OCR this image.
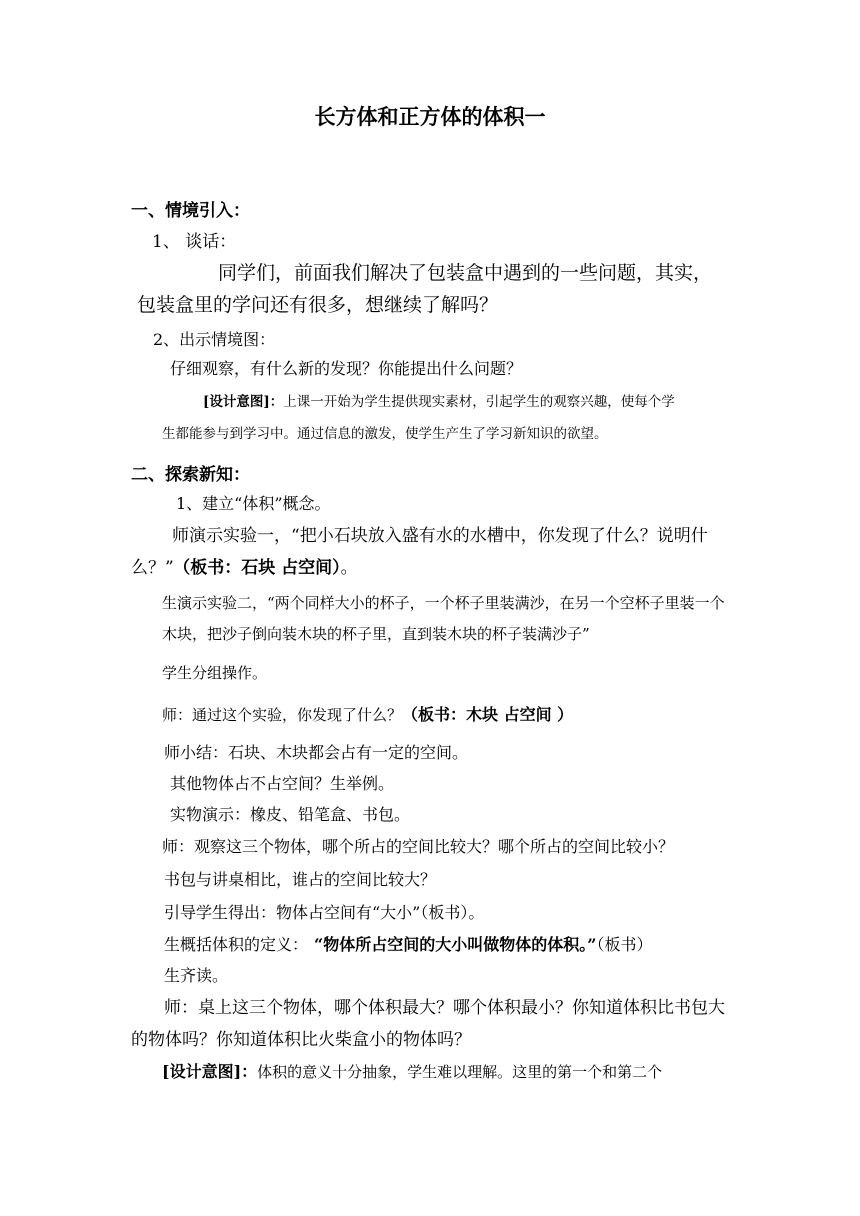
长方体和正方体的体积一
一、情境引入：
1、 谈话：
同学们，前面我们解决了包装盒中遇到的一些问题，其实，
包装盒里的学问还有很多，想继续了解吗？
2、出示情境图：
仔细观察，有什么新的发现？你能提出什么问题？
[设计意图]：上课一开始为学生提供现实素材，引起学生的观察兴趣，使每个学
生都能参与到学习中。通过信息的激发，使学生产生了学习新知识的欲望。
二、探索新知：
1、建立“体积”概念。
师演示实验一，“把小石块放入盛有水的水槽中，你发现了什么？说明什
么？” （板书：石块 占空间）。
生演示实验二，“两个同样大小的杯子，一个杯子里装满沙，在另一个空杯子里装一个
木块，把沙子倒向装木块的杯子里，直到装木块的杯子装满沙子”
学生分组操作。
师：通过这个实验，你发现了什么？（板书：木块 占空间 ）
师小结：石块、木块都会占有一定的空间。
其他物体占不占空间？生举例。
实物演示：橡皮、铅笔盒、书包。
师：观察这三个物体，哪个所占的空间比较大？哪个所占的空间比较小？
书包与讲桌相比，谁占的空间比较大？
引导学生得出：物体占空间有“大小”（板书）。
生概括体积的定义： “物体所占空间的大小叫做物体的体积。”（板书）
生齐读。
师：桌上这三个物体，哪个体积最大？哪个体积最小？你知道体积比书包大
的物体吗？你知道体积比火柴盒小的物体吗？
[设计意图]：体积的意义十分抽象，学生难以理解。这里的第一个和第二个
